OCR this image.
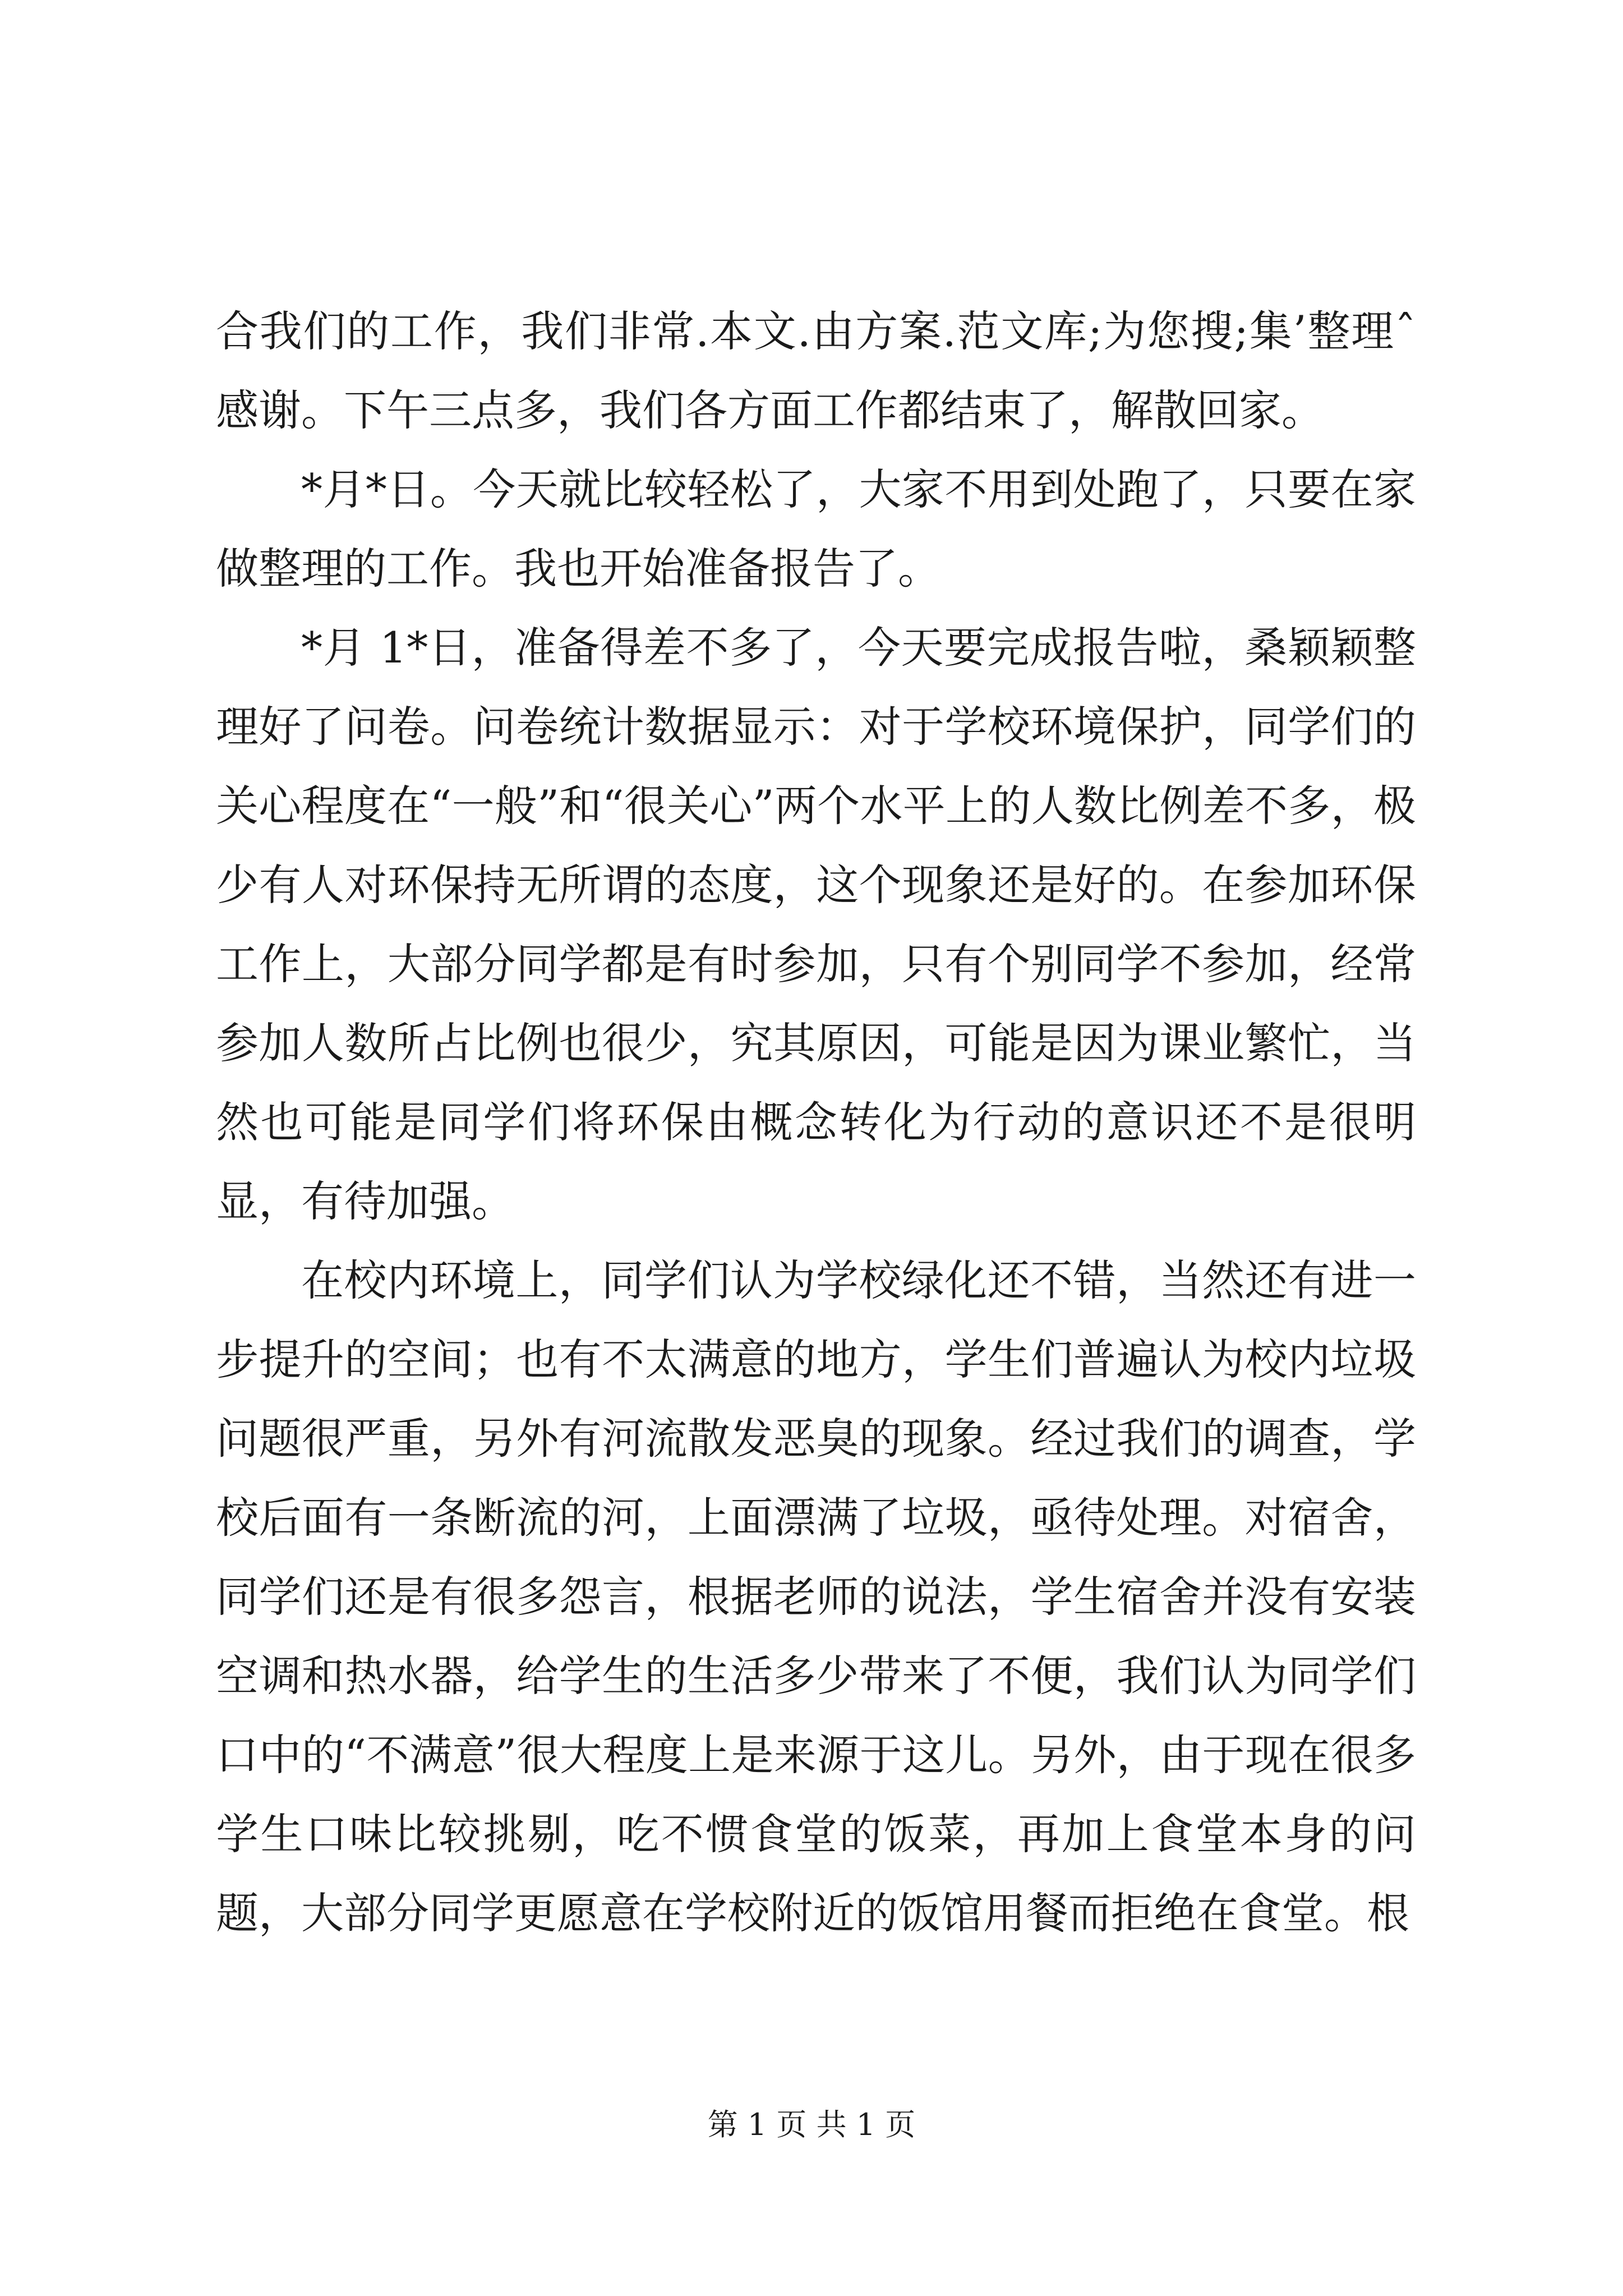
合我们的工作，我们非常.本文.由方案.范文库;为您搜;集’整理ˆ感谢。下午三点多，我们各方面工作都结束了，解散回家。

*月*日。今天就比较轻松了，大家不用到处跑了，只要在家做整理的工作。我也开始准备报告了。

*月 1*日，准备得差不多了，今天要完成报告啦，桑颖颖整理好了问卷。问卷统计数据显示：对于学校环境保护，同学们的关心程度在“一般”和“很关心”两个水平上的人数比例差不多，极少有人对环保持无所谓的态度，这个现象还是好的。在参加环保工作上，大部分同学都是有时参加，只有个别同学不参加，经常参加人数所占比例也很少，究其原因，可能是因为课业繁忙，当然也可能是同学们将环保由概念转化为行动的意识还不是很明显，有待加强。

在校内环境上，同学们认为学校绿化还不错，当然还有进一步提升的空间；也有不太满意的地方，学生们普遍认为校内垃圾问题很严重，另外有河流散发恶臭的现象。经过我们的调查，学校后面有一条断流的河，上面漂满了垃圾，亟待处理。对宿舍，同学们还是有很多怨言，根据老师的说法，学生宿舍并没有安装空调和热水器，给学生的生活多少带来了不便，我们认为同学们口中的“不满意”很大程度上是来源于这儿。另外，由于现在很多学生口味比较挑剔，吃不惯食堂的饭菜，再加上食堂本身的问题，大部分同学更愿意在学校附近的饭馆用餐而拒绝在食堂。根

第 1 页 共 1 页
